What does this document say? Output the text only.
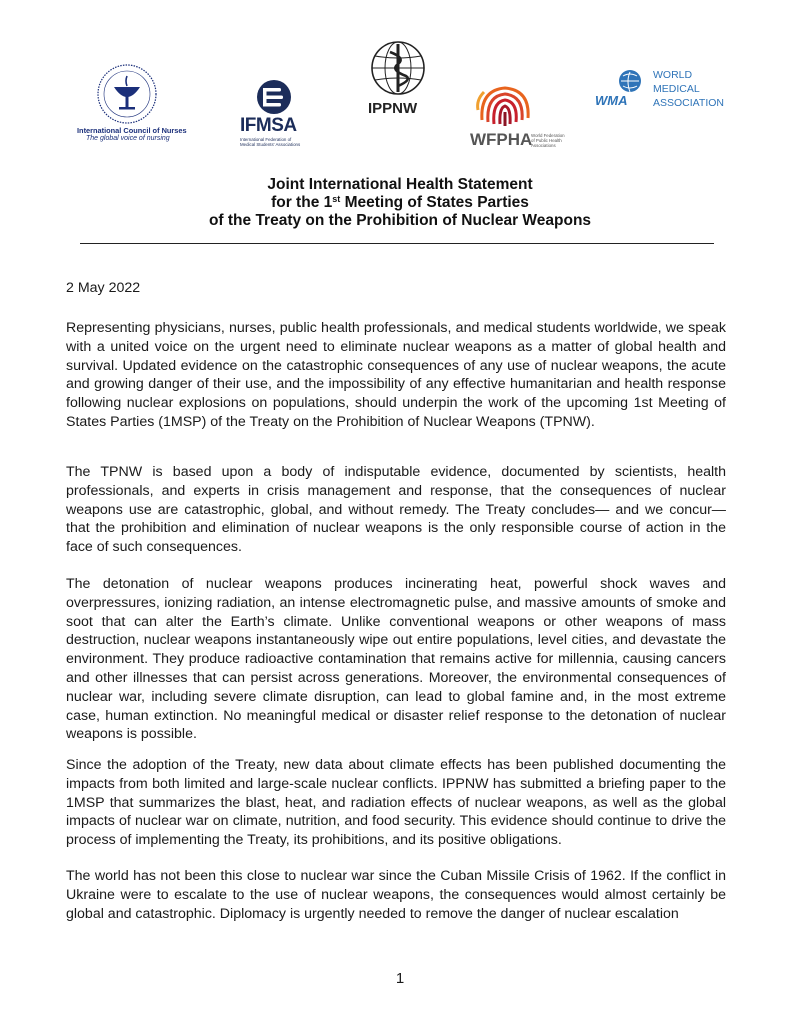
International Council of Nurses
The global voice of nursing
IFMSA
International Federation of
Medical Students' Associations
IPPNW
WFPHA
World Federation
of Public Health
Associations
WMA
WORLD
MEDICAL
ASSOCIATION
Joint International Health Statement
for the 1st Meeting of States Parties
of the Treaty on the Prohibition of Nuclear Weapons
2 May 2022

Representing physicians, nurses, public health professionals, and medical students worldwide, we speak with a united voice on the urgent need to eliminate nuclear weapons as a matter of global health and survival. Updated evidence on the catastrophic consequences of any use of nuclear weapons, the acute and growing danger of their use, and the impossibility of any effective humanitarian and health response following nuclear explosions on populations, should underpin the work of the upcoming 1st Meeting of States Parties (1MSP) of the Treaty on the Prohibition of Nuclear Weapons (TPNW).

The TPNW is based upon a body of indisputable evidence, documented by scientists, health professionals, and experts in crisis management and response, that the consequences of nuclear weapons use are catastrophic, global, and without remedy. The Treaty concludes— and we concur— that the prohibition and elimination of nuclear weapons is the only responsible course of action in the face of such consequences.

The detonation of nuclear weapons produces incinerating heat, powerful shock waves and overpressures, ionizing radiation, an intense electromagnetic pulse, and massive amounts of smoke and soot that can alter the Earth’s climate. Unlike conventional weapons or other weapons of mass destruction, nuclear weapons instantaneously wipe out entire populations, level cities, and devastate the environment. They produce radioactive contamination that remains active for millennia, causing cancers and other illnesses that can persist across generations. Moreover, the environmental consequences of nuclear war, including severe climate disruption, can lead to global famine and, in the most extreme case, human extinction. No meaningful medical or disaster relief response to the detonation of nuclear weapons is possible.

Since the adoption of the Treaty, new data about climate effects has been published documenting the impacts from both limited and large-scale nuclear conflicts. IPPNW has submitted a briefing paper to the 1MSP that summarizes the blast, heat, and radiation effects of nuclear weapons, as well as the global impacts of nuclear war on climate, nutrition, and food security. This evidence should continue to drive the process of implementing the Treaty, its prohibitions, and its positive obligations.

The world has not been this close to nuclear war since the Cuban Missile Crisis of 1962. If the conflict in Ukraine were to escalate to the use of nuclear weapons, the consequences would almost certainly be global and catastrophic. Diplomacy is urgently needed to remove the danger of nuclear escalation

1
